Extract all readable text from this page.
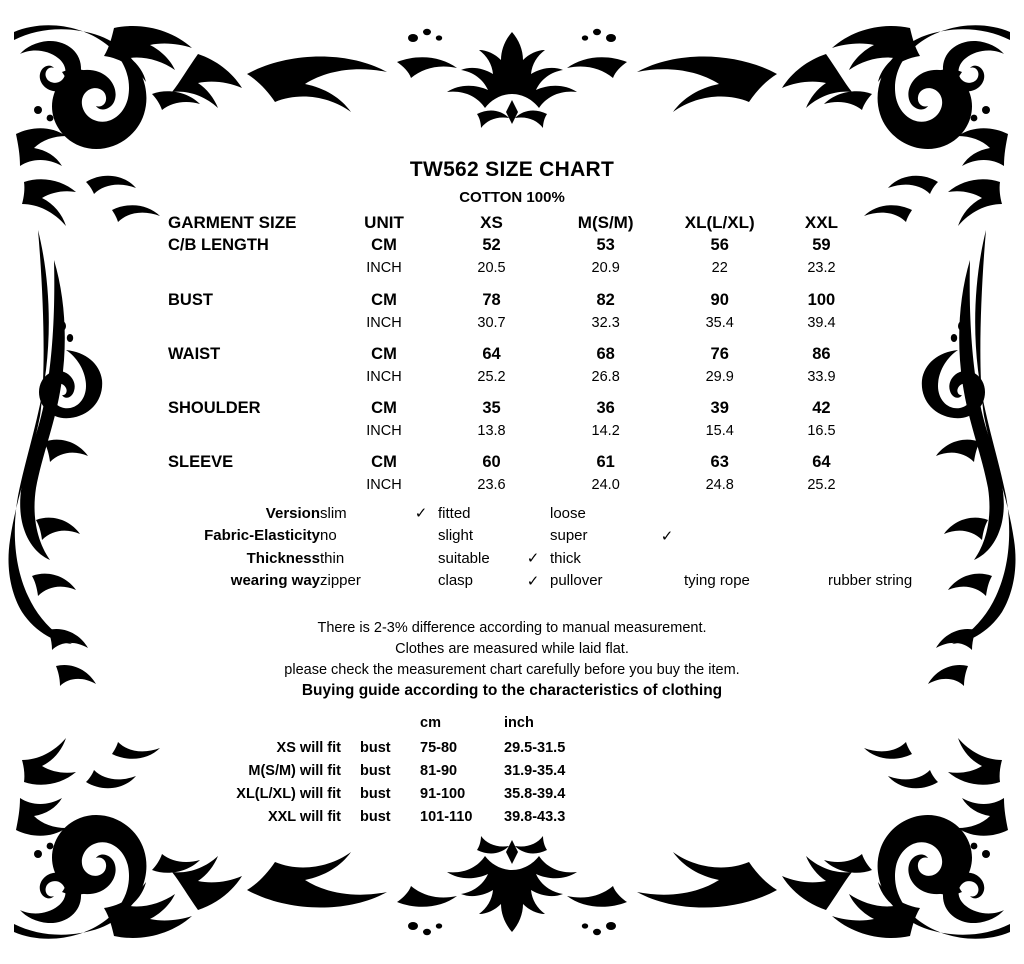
TW562 SIZE CHART
COTTON 100%
GARMENT SIZE	UNIT	XS	M(S/M)	XL(L/XL)	XXL
C/B LENGTH	CM	52	53	56	59
	INCH	20.5	20.9	22	23.2

BUST	CM	78	82	90	100
	INCH	30.7	32.3	35.4	39.4

WAIST	CM	64	68	76	86
	INCH	25.2	26.8	29.9	33.9

SHOULDER	CM	35	36	39	42
	INCH	13.8	14.2	15.4	16.5

SLEEVE	CM	60	61	63	64
	INCH	23.6	24.0	24.8	25.2
Version	slim	✓	fitted		loose				
Fabric-Elasticity	no		slight		super	✓			
Thickness	thin		suitable	✓	thick				
wearing way	zipper		clasp	✓	pullover		tying rope		rubber string
There is 2-3% difference according to manual measurement.
Clothes are measured while laid flat.
please check the measurement chart carefully before you buy the item.
Buying guide according to the characteristics of clothing
		cm	inch
XS will fit	bust	75-80	29.5-31.5
M(S/M) will fit	bust	81-90	31.9-35.4
XL(L/XL) will fit	bust	91-100	35.8-39.4
XXL will fit	bust	101-110	39.8-43.3
